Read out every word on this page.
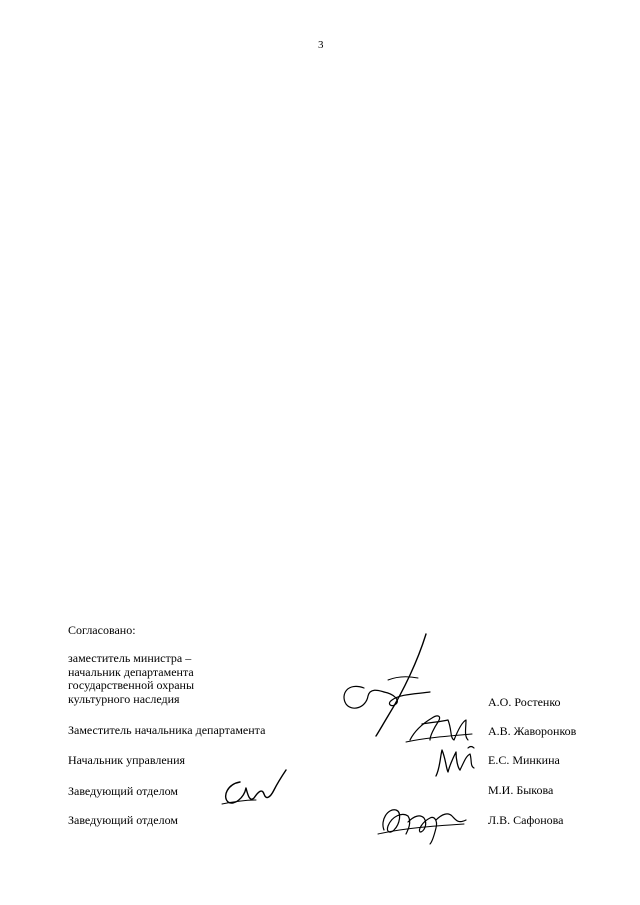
3
Согласовано:
заместитель министра –
начальник департамента
государственной охраны
культурного наследия	А.О. Ростенко
Заместитель начальника департамента	А.В. Жаворонков
Начальник управления	Е.С. Минкина
Заведующий отделом	М.И. Быкова
Заведующий отделом	Л.В. Сафонова
